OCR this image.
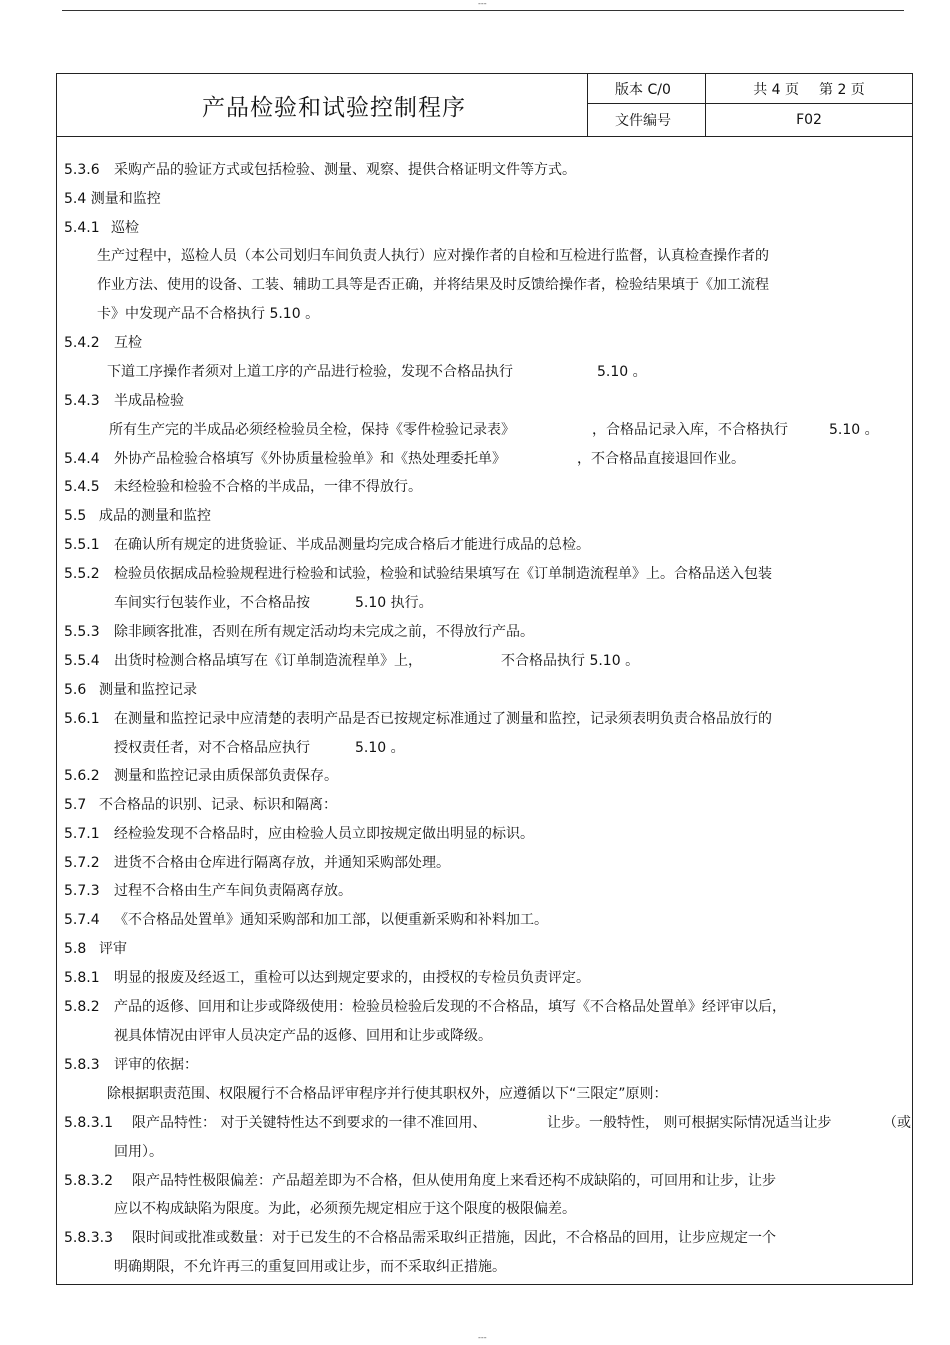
---
---
产品检验和试验控制程序
版本 C/0	共 4 页 第 2 页
文件编号	F02
5.3.6 采购产品的验证方式或包括检验、测量、观察、提供合格证明文件等方式。
5.4 测量和监控
5.4.1 巡检
生产过程中，巡检人员（本公司划归车间负责人执行）应对操作者的自检和互检进行监督，认真检查操作者的
作业方法、使用的设备、工装、辅助工具等是否正确，并将结果及时反馈给操作者，检验结果填于《加工流程
卡》中发现产品不合格执行 5.10 。
5.4.2 互检
下道工序操作者须对上道工序的产品进行检验，发现不合格品执行	5.10 。
5.4.3 半成品检验
所有生产完的半成品必须经检验员全检，保持《零件检验记录表》	，合格品记录入库，不合格执行	5.10 。
5.4.4 外协产品检验合格填写《外协质量检验单》和《热处理委托单》	，不合格品直接退回作业。
5.4.5 未经检验和检验不合格的半成品，一律不得放行。
5.5 成品的测量和监控
5.5.1 在确认所有规定的进货验证、半成品测量均完成合格后才能进行成品的总检。
5.5.2 检验员依据成品检验规程进行检验和试验，检验和试验结果填写在《订单制造流程单》上。合格品送入包装
车间实行包装作业，不合格品按	5.10 执行。
5.5.3 除非顾客批准，否则在所有规定活动均未完成之前，不得放行产品。
5.5.4 出货时检测合格品填写在《订单制造流程单》上，	不合格品执行 5.10 。
5.6 测量和监控记录
5.6.1 在测量和监控记录中应清楚的表明产品是否已按规定标准通过了测量和监控，记录须表明负责合格品放行的
授权责任者，对不合格品应执行	5.10 。
5.6.2 测量和监控记录由质保部负责保存。
5.7 不合格品的识别、记录、标识和隔离：
5.7.1 经检验发现不合格品时，应由检验人员立即按规定做出明显的标识。
5.7.2 进货不合格由仓库进行隔离存放，并通知采购部处理。
5.7.3 过程不合格由生产车间负责隔离存放。
5.7.4 《不合格品处置单》通知采购部和加工部，以便重新采购和补料加工。
5.8 评审
5.8.1 明显的报废及经返工，重检可以达到规定要求的，由授权的专检员负责评定。
5.8.2 产品的返修、回用和让步或降级使用：检验员检验后发现的不合格品，填写《不合格品处置单》经评审以后，
视具体情况由评审人员决定产品的返修、回用和让步或降级。
5.8.3 评审的依据：
除根据职责范围、权限履行不合格品评审程序并行使其职权外，应遵循以下“三限定”原则：
5.8.3.1 限产品特性： 对于关键特性达不到要求的一律不准回用、	让步。一般特性， 则可根据实际情况适当让步	（或
回用）。
5.8.3.2 限产品特性极限偏差：产品超差即为不合格，但从使用角度上来看还构不成缺陷的，可回用和让步，让步
应以不构成缺陷为限度。为此，必须预先规定相应于这个限度的极限偏差。
5.8.3.3 限时间或批准或数量：对于已发生的不合格品需采取纠正措施，因此，不合格品的回用，让步应规定一个
明确期限，不允许再三的重复回用或让步，而不采取纠正措施。
